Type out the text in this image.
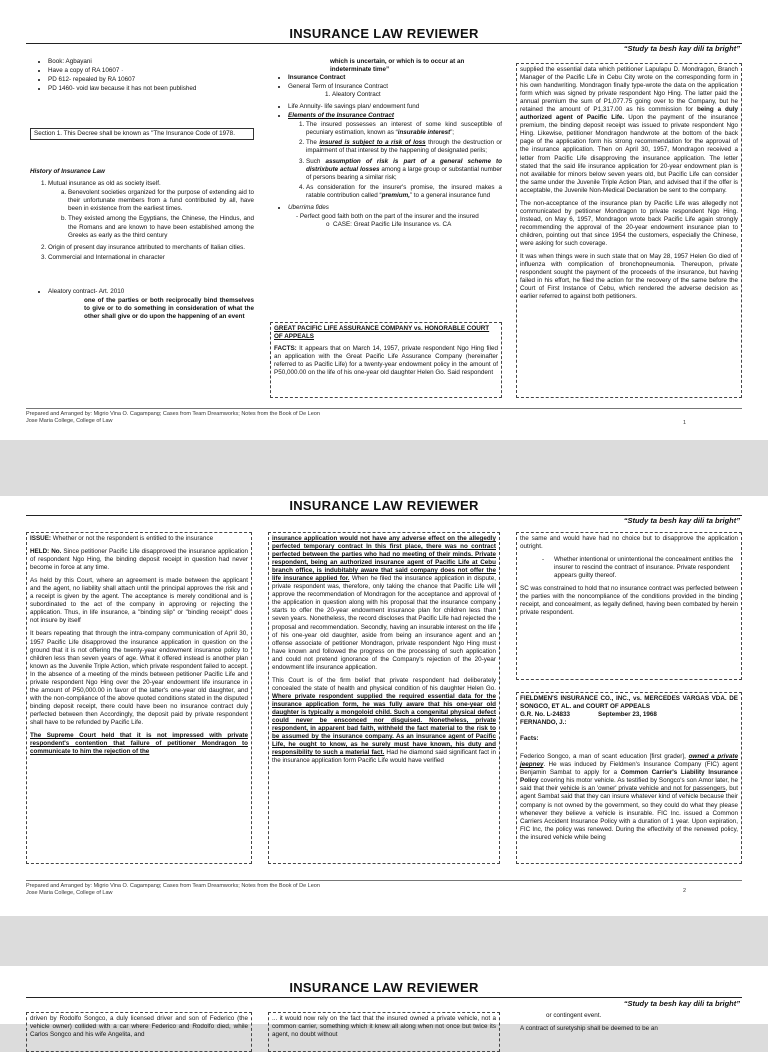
INSURANCE LAW REVIEWER
“Study ta besh kay dili ta bright”
• Book: Agbayani
• Have a copy of RA 10607 ·
• PD 612- repealed by RA 10607
• PD 1460- void law because it has not been published
Section 1. This Decree shall be known as "The Insurance Code of 1978.
History of Insurance Law
1. Mutual insurance as old as society itself.
a. Benevolent societies organized for the purpose of extending aid to their unfortunate members from a fund contributed by all, have been in existence from the earliest times.
b. They existed among the Egyptians, the Chinese, the Hindus, and the Romans and are known to have been established among the Greeks as early as the third century
2. Origin of present day insurance attributed to merchants of Italian cities.
3. Commercial and International in character
• Aleatory contract- Art. 2010
one of the parties or both reciprocally bind themselves to give or to do something in consideration of what the other shall give or do upon the happening of an event
which is uncertain, or which is to occur at an indeterminate time”
• Insurance Contract
• General Term of Insurance Contract
1. Aleatory Contract
• Life Annuity- life savings plan/ endowment fund
• Elements of the Insurance Contract
1. The insured possesses an interest of some kind susceptible of pecuniary estimation, known as “insurable interest”;
2. The insured is subject to a risk of loss through the destruction or impairment of that interest by the happening of designated perils;
3. Such assumption of risk is part of a general scheme to distrixbute actual losses among a large group or substantial number of persons bearing a similar risk;
4. As consideration for the insurer's promise, the insured makes a ratable contribution called “premium,” to a general insurance fund
• Uberrima fides
- Perfect good faith both on the part of the insurer and the insured
o  CASE: Great Pacific Life Insurance vs. CA
GREAT PACIFIC LIFE ASSURANCE COMPANY vs. HONORABLE COURT OF APPEALS

FACTS: It appears that on March 14, 1957, private respondent Ngo Hing filed an application with the Great Pacific Life Assurance Company (hereinafter referred to as Pacific Life) for a twenty-year endowment policy in the amount of P50,000.00 on the life of his one-year old daughter Helen Go. Said respondent

supplied the essential data which petitioner Lapulapu D. Mondragon, Branch Manager of the Pacific Life in Cebu City wrote on the corresponding form in his own handwriting. Mondragon finally type-wrote the data on the application form which was signed by private respondent Ngo Hing. The latter paid the annual premium the sum of P1,077.75 going over to the Company, but he retained the amount of P1,317.00 as his commission for being a duly authorized agent of Pacific Life. Upon the payment of the insurance premium, the binding deposit receipt was issued to private respondent Ngo Hing. Likewise, petitioner Mondragon handwrote at the bottom of the back page of the application form his strong recommendation for the approval of the insurance application. Then on April 30, 1957, Mondragon received a letter from Pacific Life disapproving the insurance application. The letter stated that the said life insurance application for 20-year endowment plan is not available for minors below seven years old, but Pacific Life can consider the same under the Juvenile Triple Action Plan, and advised that if the offer is acceptable, the Juvenile Non-Medical Declaration be sent to the company.

The non-acceptance of the insurance plan by Pacific Life was allegedly not communicated by petitioner Mondragon to private respondent Ngo Hing. Instead, on May 6, 1957, Mondragon wrote back Pacific Life again strongly recommending the approval of the 20-year endowment insurance plan to children, pointing out that since 1954 the customers, especially the Chinese, were asking for such coverage.

It was when things were in such state that on May 28, 1957 Helen Go died of influenza with complication of bronchopneumonia. Thereupon, private respondent sought the payment of the proceeds of the insurance, but having failed in his effort, he filed the action for the recovery of the same before the Court of First Instance of Cebu, which rendered the adverse decision as earlier referred to against both petitioners.

Prepared and Arranged by: Migrio Vina O. Cagampang; Cases from Team Dreamworks; Notes from the Book of De Leon
Jose Maria College, College of Law	1
INSURANCE LAW REVIEWER
“Study ta besh kay dili ta bright”

ISSUE: Whether or not the respondent is entitled to the insurance

HELD: No. Since petitioner Pacific Life disapproved the insurance application of respondent Ngo Hing, the binding deposit receipt in question had never become in force at any time.

As held by this Court, where an agreement is made between the applicant and the agent, no liability shall attach until the principal approves the risk and a receipt is given by the agent. The acceptance is merely conditional and is subordinated to the act of the company in approving or rejecting the application. Thus, in life insurance, a "binding slip" or "binding receipt" does not insure by itself

It bears repeating that through the intra-company communication of April 30, 1957 Pacific Life disapproved the insurance application in question on the ground that it is not offering the twenty-year endowment insurance policy to children less than seven years of age. What it offered instead is another plan known as the Juvenile Triple Action, which private respondent failed to accept. In the absence of a meeting of the minds between petitioner Pacific Life and private respondent Ngo Hing over the 20-year endowment life insurance in the amount of P50,000.00 in favor of the latter's one-year old daughter, and with the non-compliance of the above quoted conditions stated in the disputed binding deposit receipt, there could have been no insurance contract duly perfected between then Accordingly, the deposit paid by private respondent shall have to be refunded by Pacific Life.

The Supreme Court held that it is not impressed with private respondent's contention that failure of petitioner Mondragon to communicate to him the rejection of the

insurance application would not have any adverse effect on the allegedly perfected temporary contract In this first place, there was no contract perfected between the parties who had no meeting of their minds. Private respondent, being an authorized insurance agent of Pacific Life at Cebu branch office, is indubitably aware that said company does not offer the life insurance applied for. When he filed the insurance application in dispute, private respondent was, therefore, only taking the chance that Pacific Life will approve the recommendation of Mondragon for the acceptance and approval of the application in question along with his proposal that the insurance company starts to offer the 20-year endowment insurance plan for children less than seven years. Nonetheless, the record discloses that Pacific Life had rejected the proposal and recommendation. Secondly, having an insurable interest on the life of his one-year old daughter, aside from being an insurance agent and an offense associate of petitioner Mondragon, private respondent Ngo Hing must have known and followed the progress on the processing of such application and could not pretend ignorance of the Company's rejection of the 20-year endowment life insurance application.

This Court is of the firm belief that private respondent had deliberately concealed the state of health and physical condition of his daughter Helen Go. Where private respondent supplied the required essential data for the insurance application form, he was fully aware that his one-year old daughter is typically a mongoloid child. Such a congenital physical defect could never be ensconced nor disguised. Nonetheless, private respondent, in apparent bad faith, withheld the fact material to the risk to be assumed by the insurance company. As an insurance agent of Pacific Life, he ought to know, as he surely must have known, his duty and responsibility to such a material fact. Had he diamond said significant fact in the insurance application form Pacific Life would have verified

the same and would have had no choice but to disapprove the application outright.

- Whether intentional or unintentional the concealment entitles the insurer to rescind the contract of insurance. Private respondent appears guilty thereof.

SC was constrained to hold that no insurance contract was perfected between the parties with the noncompliance of the conditions provided in the binding receipt, and concealment, as legally defined, having been combated by herein private respondent.

FIELDMEN'S INSURANCE CO., INC., vs. MERCEDES VARGAS VDA. DE SONGCO, ET AL. and COURT OF APPEALS
G.R. No. L-24833	September 23, 1968
FERNANDO, J.:
Facts:

Federico Songco, a man of scant education [first grader], owned a private jeepney. He was induced by Fieldmen's Insurance Company (FIC) agent Benjamin Sambat to apply for a Common Carrier's Liability Insurance Policy covering his motor vehicle. As testified by Songco's son Amor later, he said that their vehicle is an 'owner' private vehicle and not for passengers, but agent Sambat said that they can insure whatever kind of vehicle because their company is not owned by the government, so they could do what they please whenever they believe a vehicle is insurable. FIC Inc. issued a Common Carriers Accident Insurance Policy with a duration of 1 year. Upon expiration, FIC Inc, the policy was renewed. During the effectivity of the renewed policy, the insured vehicle while being

Prepared and Arranged by: Migrio Vina O. Cagampang; Cases from Team Dreamworks; Notes from the Book of De Leon
Jose Maria College, College of Law	2
INSURANCE LAW REVIEWER
“Study ta besh kay dili ta bright”

driven by Rodolfo Songco, a duly licensed driver and son of Federico (the vehicle owner) collided with a car where Federico and Rodolfo died, while Carlos Songco and his wife Angelita, and

... it would now rely on the fact that the insured owned a private vehicle, not a common carrier, something which it knew all along when not once but twice its agent, no doubt without

or contingent event.

A contract of suretyship shall be deemed to be an
